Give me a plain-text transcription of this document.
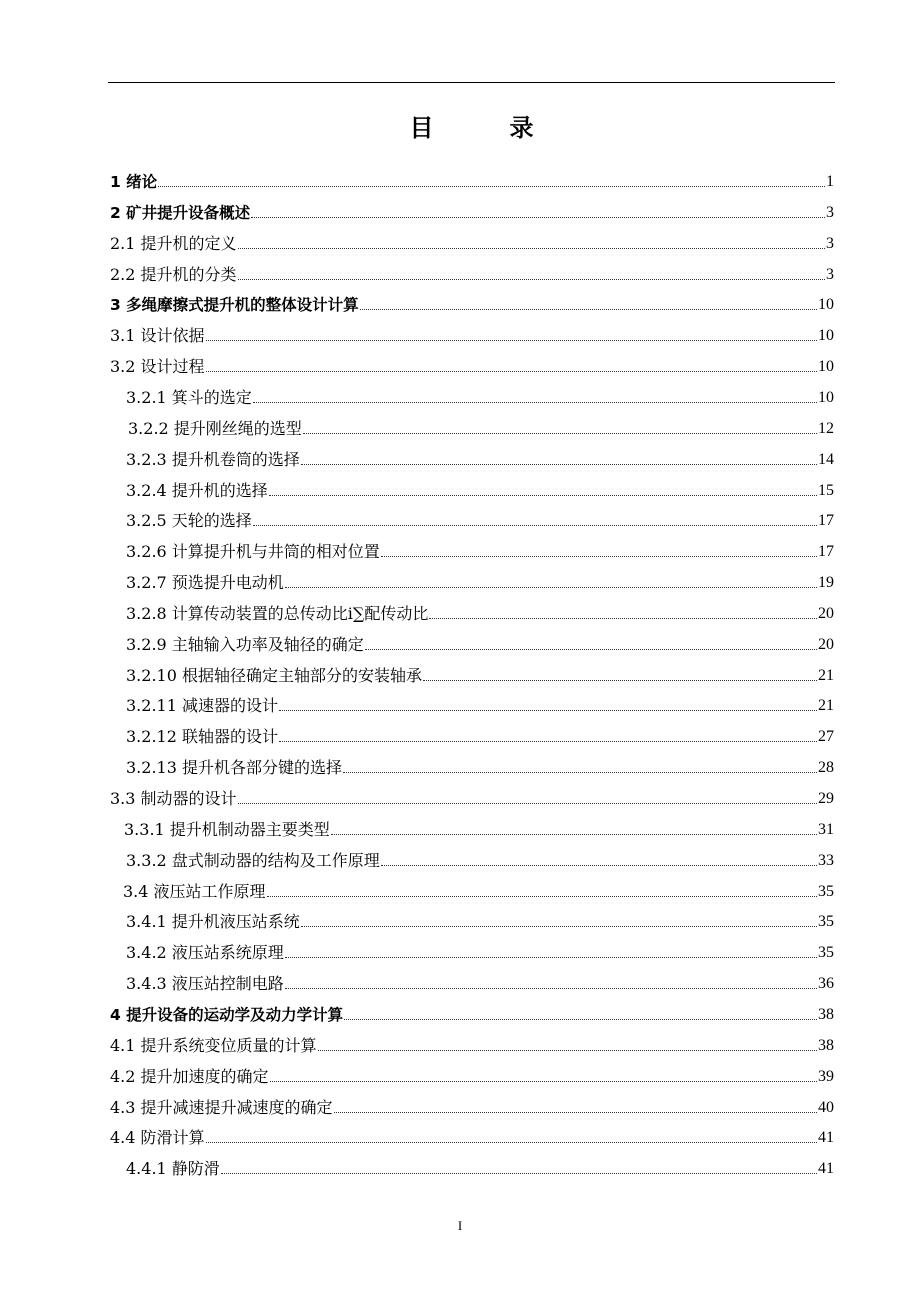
目	录
1 绪论	1
2 矿井提升设备概述	3
2.1 提升机的定义	3
2.2 提升机的分类	3
3 多绳摩擦式提升机的整体设计计算	10
3.1 设计依据	10
3.2 设计过程	10
3.2.1 箕斗的选定	10
3.2.2 提升刚丝绳的选型	12
3.2.3 提升机卷筒的选择	14
3.2.4 提升机的选择	15
3.2.5 天轮的选择	17
3.2.6 计算提升机与井筒的相对位置	17
3.2.7 预选提升电动机	19
3.2.8 计算传动装置的总传动比i∑配传动比	20
3.2.9 主轴输入功率及轴径的确定	20
3.2.10 根据轴径确定主轴部分的安装轴承	21
3.2.11 减速器的设计	21
3.2.12 联轴器的设计	27
3.2.13 提升机各部分键的选择	28
3.3 制动器的设计	29
3.3.1 提升机制动器主要类型	31
3.3.2 盘式制动器的结构及工作原理	33
3.4 液压站工作原理	35
3.4.1 提升机液压站系统	35
3.4.2 液压站系统原理	35
3.4.3 液压站控制电路	36
4 提升设备的运动学及动力学计算	38
4.1 提升系统变位质量的计算	38
4.2 提升加速度的确定	39
4.3 提升减速提升减速度的确定	40
4.4 防滑计算	41
4.4.1 静防滑	41
I
